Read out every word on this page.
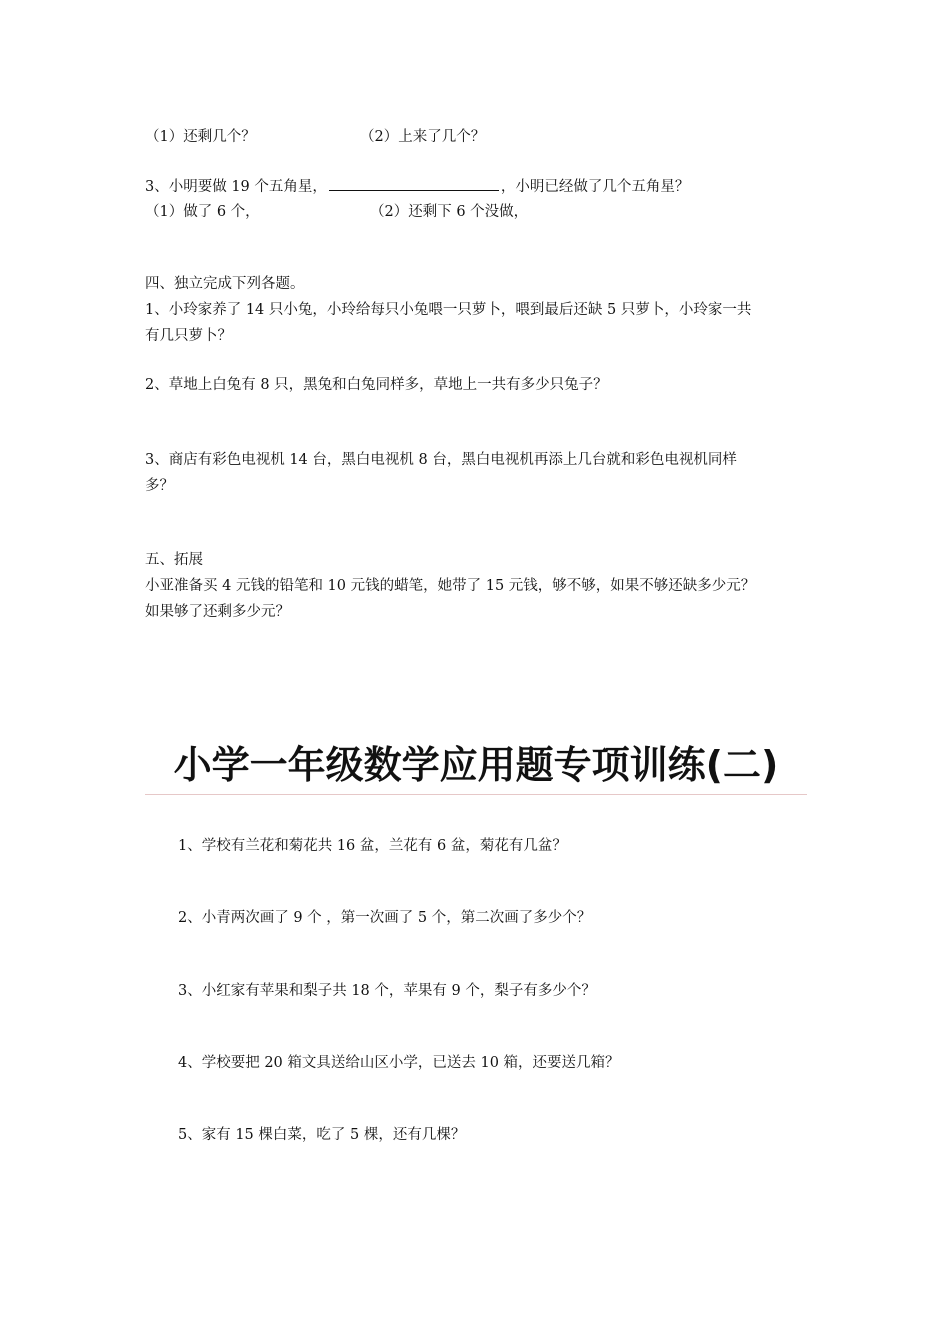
（1）还剩几个？	（2）上来了几个？
3、小明要做 19 个五角星，	，小明已经做了几个五角星？
（1）做了 6 个，	（2）还剩下 6 个没做，
四、独立完成下列各题。
1、小玲家养了 14 只小兔，小玲给每只小兔喂一只萝卜，喂到最后还缺 5 只萝卜，小玲家一共
有几只萝卜？
2、草地上白兔有 8 只，黑兔和白兔同样多，草地上一共有多少只兔子？
3、商店有彩色电视机 14 台，黑白电视机 8 台，黑白电视机再添上几台就和彩色电视机同样
多？
五、拓展
小亚准备买 4 元钱的铅笔和 10 元钱的蜡笔，她带了 15 元钱，够不够，如果不够还缺多少元？
如果够了还剩多少元？
小学一年级数学应用题专项训练(二)
1、学校有兰花和菊花共 16 盆，兰花有 6 盆，菊花有几盆？
2、小青两次画了 9 个 ，第一次画了 5 个，第二次画了多少个？
3、小红家有苹果和梨子共 18 个，苹果有 9 个，梨子有多少个？
4、学校要把 20 箱文具送给山区小学，已送去 10 箱，还要送几箱？
5、家有 15 棵白菜，吃了 5 棵，还有几棵？
